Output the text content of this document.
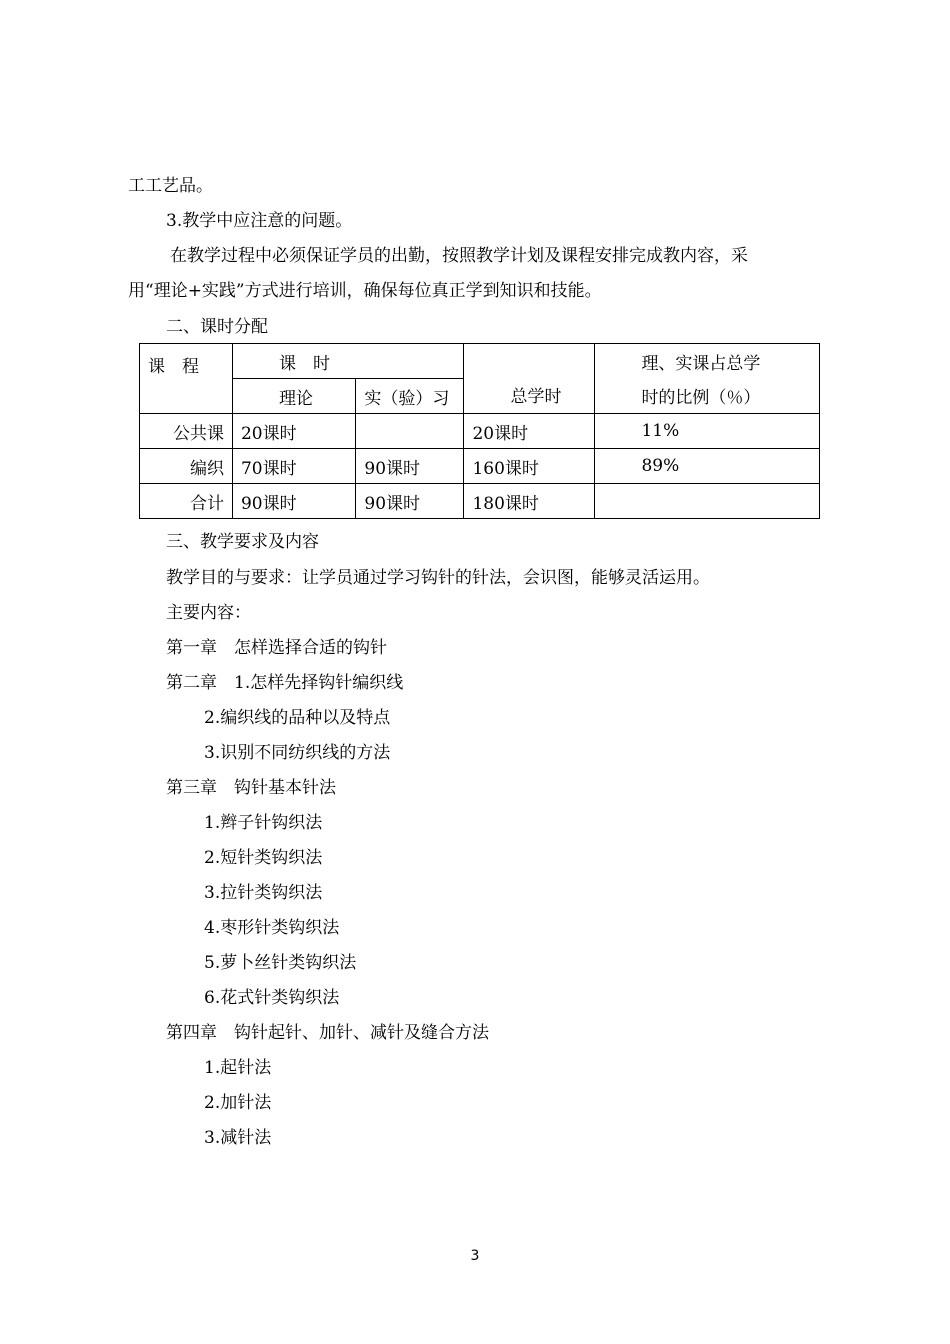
工工艺品。
3.教学中应注意的问题。
在教学过程中必须保证学员的出勤，按照教学计划及课程安排完成教内容，采
用“理论+实践”方式进行培训，确保每位真正学到知识和技能。
二、课时分配
课　程	课　时		总学时	理、实课占总学
	理论	实（验）习		时的比例（％）
公共课	20课时		20课时	11%
编织	70课时	90课时	160课时	89%
合计	90课时	90课时	180课时	
三、教学要求及内容
教学目的与要求：让学员通过学习钩针的针法，会识图，能够灵活运用。
主要内容：
第一章　怎样选择合适的钩针
第二章　1.怎样先择钩针编织线
2.编织线的品种以及特点
3.识别不同纺织线的方法
第三章　钩针基本针法
1.辫子针钩织法
2.短针类钩织法
3.拉针类钩织法
4.枣形针类钩织法
5.萝卜丝针类钩织法
6.花式针类钩织法
第四章　钩针起针、加针、减针及缝合方法
1.起针法
2.加针法
3.减针法
3
